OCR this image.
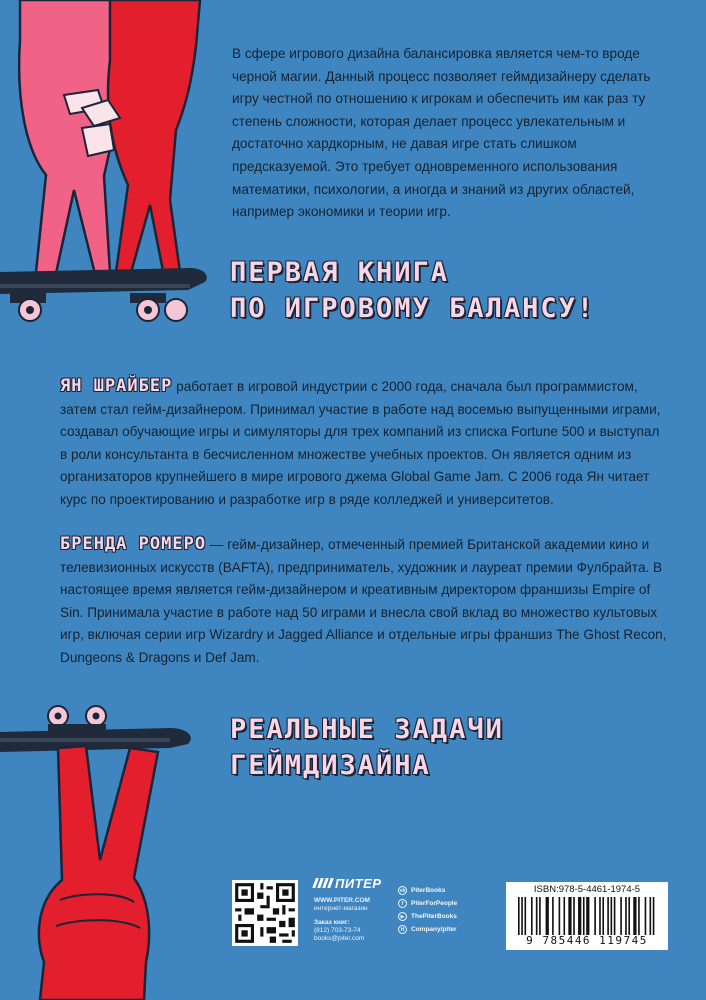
В сфере игрового дизайна балансировка является чем-то вроде черной магии. Данный процесс позволяет геймдизайнеру сделать игру честной по отношению к игрокам и обеспечить им как раз ту степень сложности, которая делает процесс увлекательным и достаточно хардкорным, не давая игре стать слишком предсказуемой. Это требует одновременного использования математики, психологии, а иногда и знаний из других областей, например экономики и теории игр.

ПЕРВАЯ КНИГА
ПО ИГРОВОМУ БАЛАНСУ!

ЯН ШРАЙБЕР работает в игровой индустрии с 2000 года, сначала был программистом, затем стал гейм-дизайнером. Принимал участие в работе над восемью выпущенными играми, создавал обучающие игры и симуляторы для трех компаний из списка Fortune 500 и выступал в роли консультанта в бесчисленном множестве учебных проектов. Он является одним из организаторов крупнейшего в мире игрового джема Global Game Jam. С 2006 года Ян читает курс по проектированию и разработке игр в ряде колледжей и университетов.

БРЕНДА РОМЕРО — гейм-дизайнер, отмеченный премией Британской академии кино и телевизионных искусств (BAFTA), предприниматель, художник и лауреат премии Фулбрайта. В настоящее время является гейм-дизайнером и креативным директором франшизы Empire of Sin. Принимала участие в работе над 50 играми и внесла свой вклад во множество культовых игр, включая серии игр Wizardry и Jagged Alliance и отдельные игры франшиз The Ghost Recon, Dungeons & Dragons и Def Jam.

РЕАЛЬНЫЕ ЗАДАЧИ
ГЕЙМДИЗАЙНА
ПИТЕР
WWW.PITER.COM
интернет-магазин
Заказ книг:
(812) 703-73-74
books@piter.com
vk PiterBooks
f	PiterForPeople
▶	ThePiterBooks
H	Company/piter
ISBN:978-5-4461-1974-5
9 785446 119745
